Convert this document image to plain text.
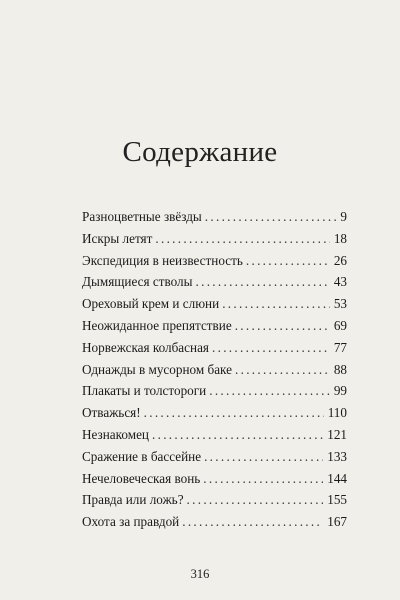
Содержание
Разноцветные звёзды . . .	9
Искры летят . . .	18
Экспедиция в неизвестность . . .	26
Дымящиеся стволы . . .	43
Ореховый крем и слюни . . .	53
Неожиданное препятствие . . .	69
Норвежская колбасная . . .	77
Однажды в мусорном баке . . .	88
Плакаты и толстороги . . .	99
Отважься! . . .	110
Незнакомец . . .	121
Сражение в бассейне . . .	133
Нечеловеческая вонь . . .	144
Правда или ложь? . . .	155
Охота за правдой . . .	167
316
